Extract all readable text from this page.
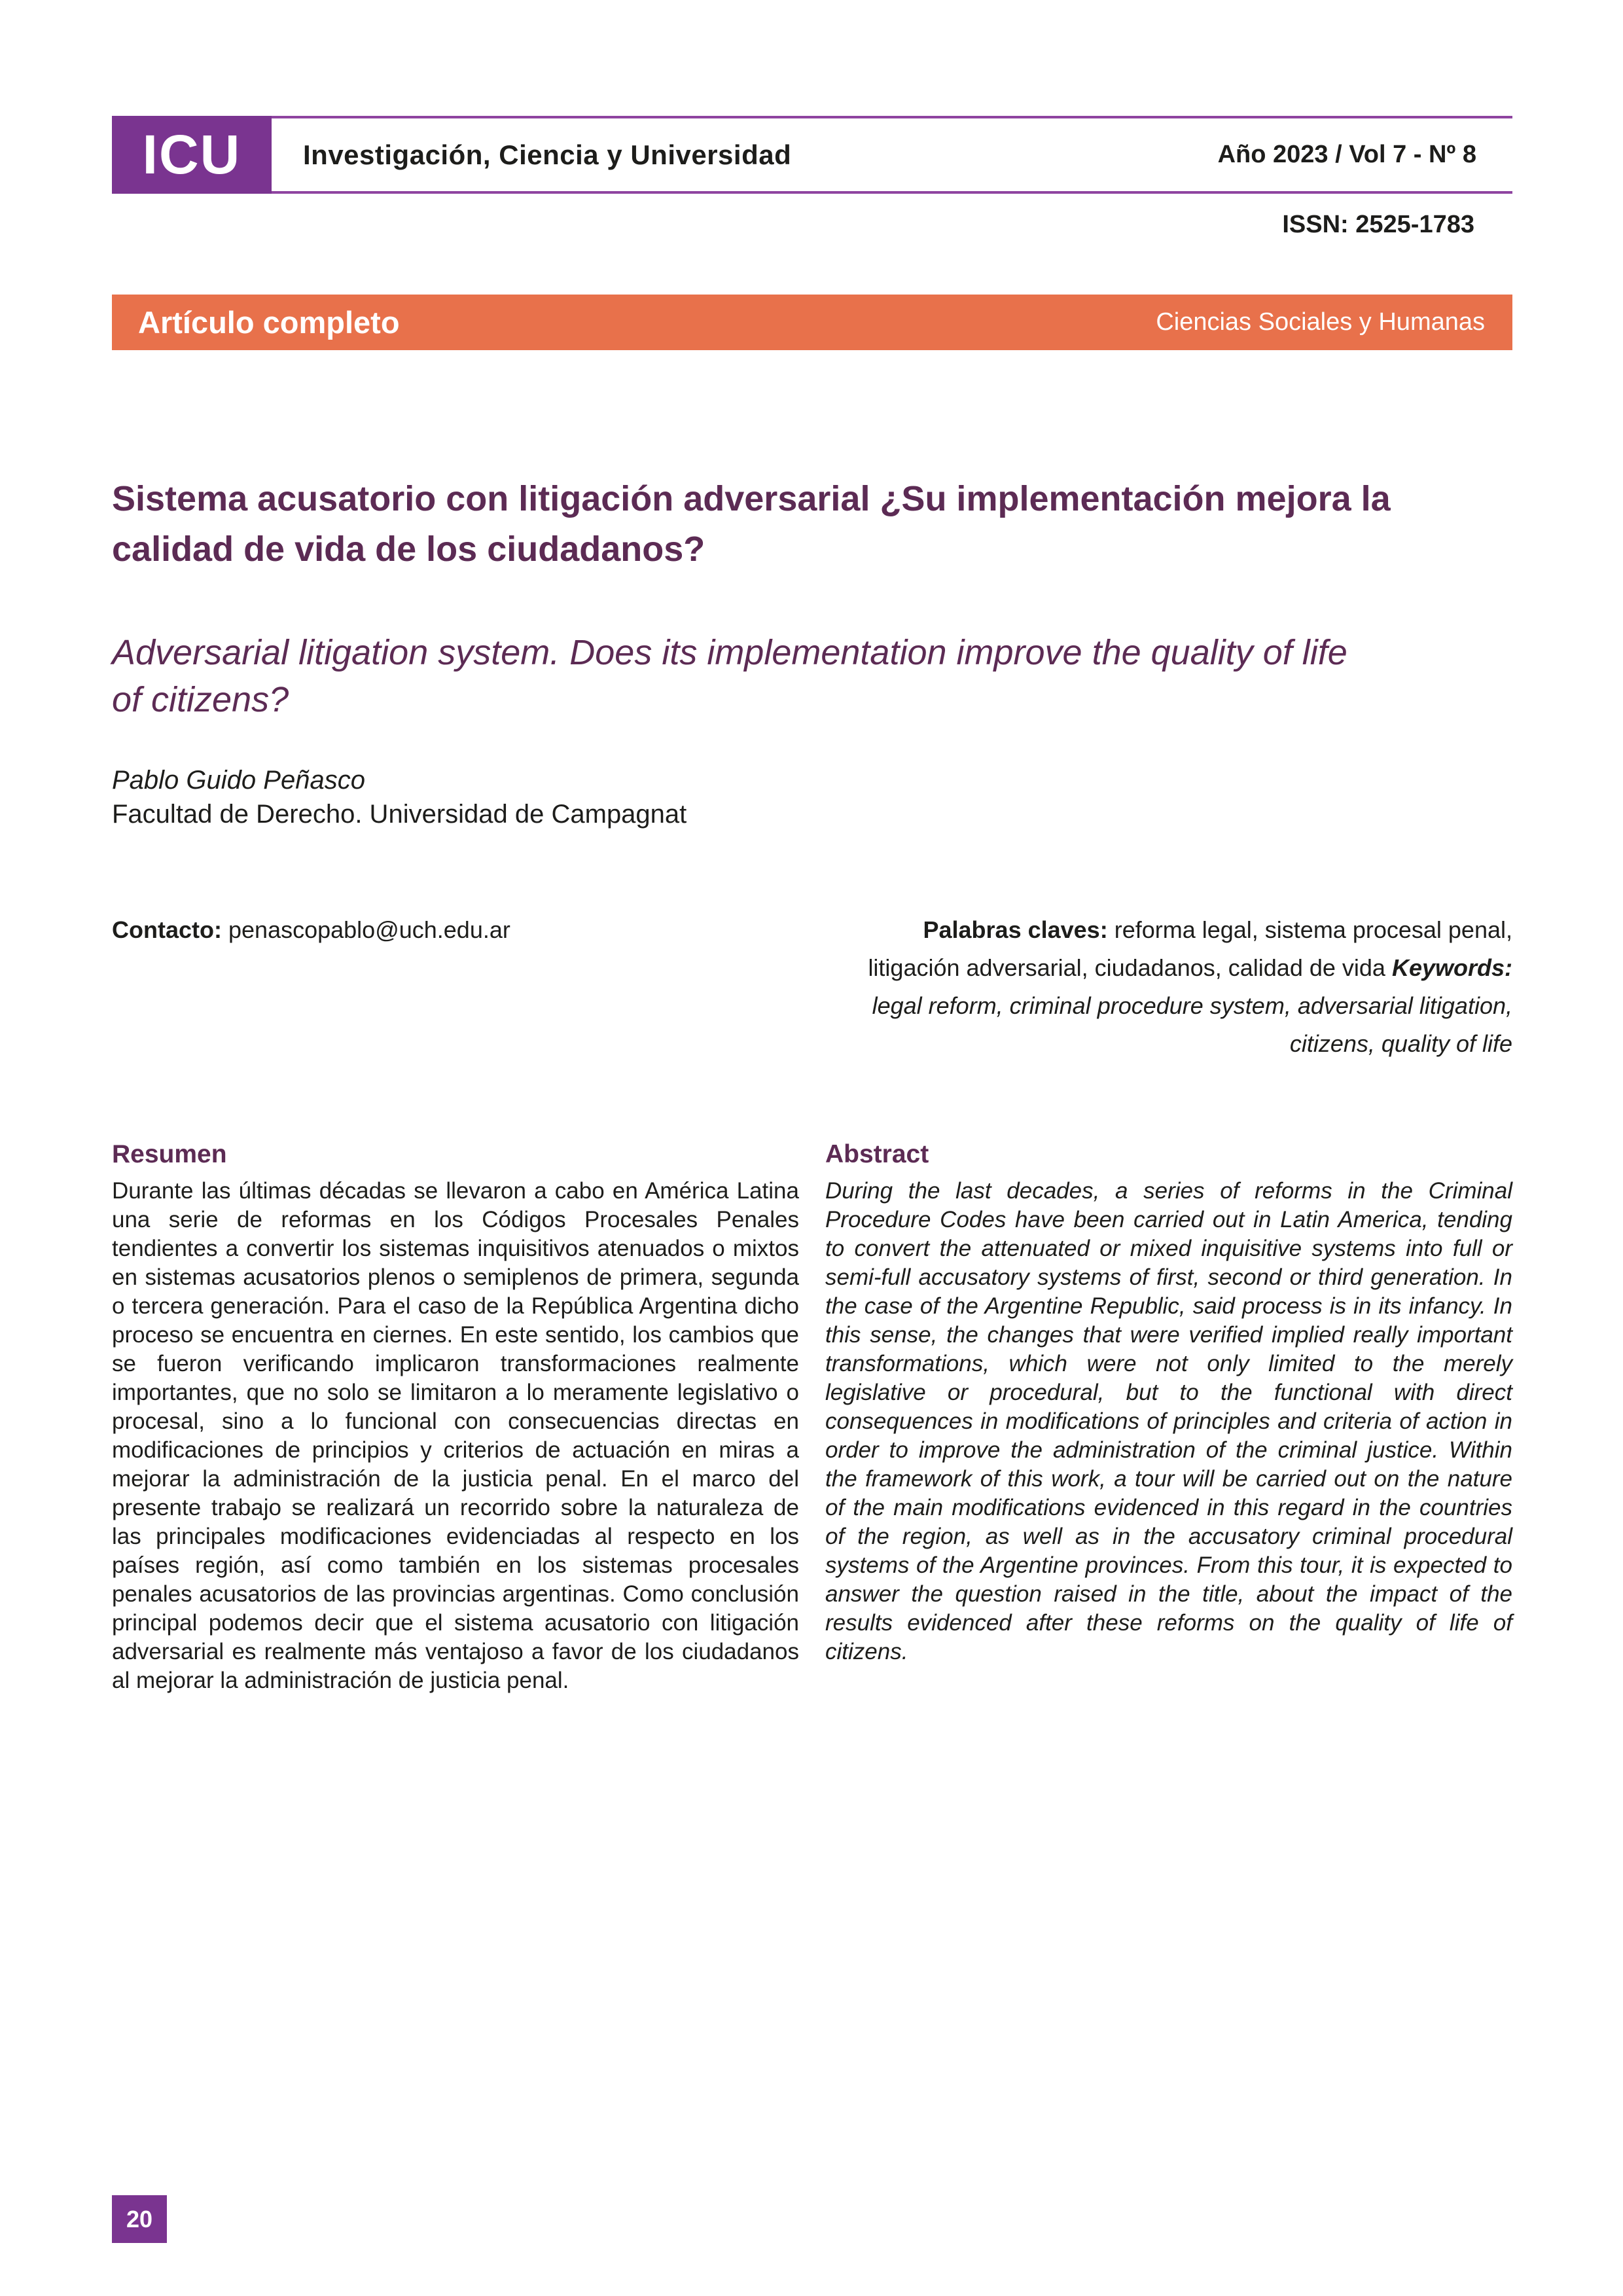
ICU Investigación, Ciencia y Universidad	Año 2023 / Vol 7 - Nº 8
ISSN: 2525-1783
Artículo completo	Ciencias Sociales y Humanas
Sistema acusatorio con litigación adversarial ¿Su implementación mejora la calidad de vida de los ciudadanos?
Adversarial litigation system. Does its implementation improve the quality of life of citizens?
Pablo Guido Peñasco
Facultad de Derecho. Universidad de Campagnat
Contacto: penascopablo@uch.edu.ar	Palabras claves: reforma legal, sistema procesal penal, litigación adversarial, ciudadanos, calidad de vida Keywords: legal reform, criminal procedure system, adversarial litigation, citizens, quality of life
Resumen

Durante las últimas décadas se llevaron a cabo en América Latina una serie de reformas en los Códigos Procesales Penales tendientes a convertir los sistemas inquisitivos atenuados o mixtos en sistemas acusatorios plenos o semiplenos de primera, segunda o tercera generación. Para el caso de la República Argentina dicho proceso se encuentra en ciernes. En este sentido, los cambios que se fueron verificando implicaron transformaciones realmente importantes, que no solo se limitaron a lo meramente legislativo o procesal, sino a lo funcional con consecuencias directas en modificaciones de principios y criterios de actuación en miras a mejorar la administración de la justicia penal. En el marco del presente trabajo se realizará un recorrido sobre la naturaleza de las principales modificaciones evidenciadas al respecto en los países región, así como también en los sistemas procesales penales acusatorios de las provincias argentinas. Como conclusión principal podemos decir que el sistema acusatorio con litigación adversarial es realmente más ventajoso a favor de los ciudadanos al mejorar la administración de justicia penal.

Abstract

During the last decades, a series of reforms in the Criminal Procedure Codes have been carried out in Latin America, tending to convert the attenuated or mixed inquisitive systems into full or semi-full accusatory systems of first, second or third generation. In the case of the Argentine Republic, said process is in its infancy. In this sense, the changes that were verified implied really important transformations, which were not only limited to the merely legislative or procedural, but to the functional with direct consequences in modifications of principles and criteria of action in order to improve the administration of the criminal justice. Within the framework of this work, a tour will be carried out on the nature of the main modifications evidenced in this regard in the countries of the region, as well as in the accusatory criminal procedural systems of the Argentine provinces. From this tour, it is expected to answer the question raised in the title, about the impact of the results evidenced after these reforms on the quality of life of citizens.

20
